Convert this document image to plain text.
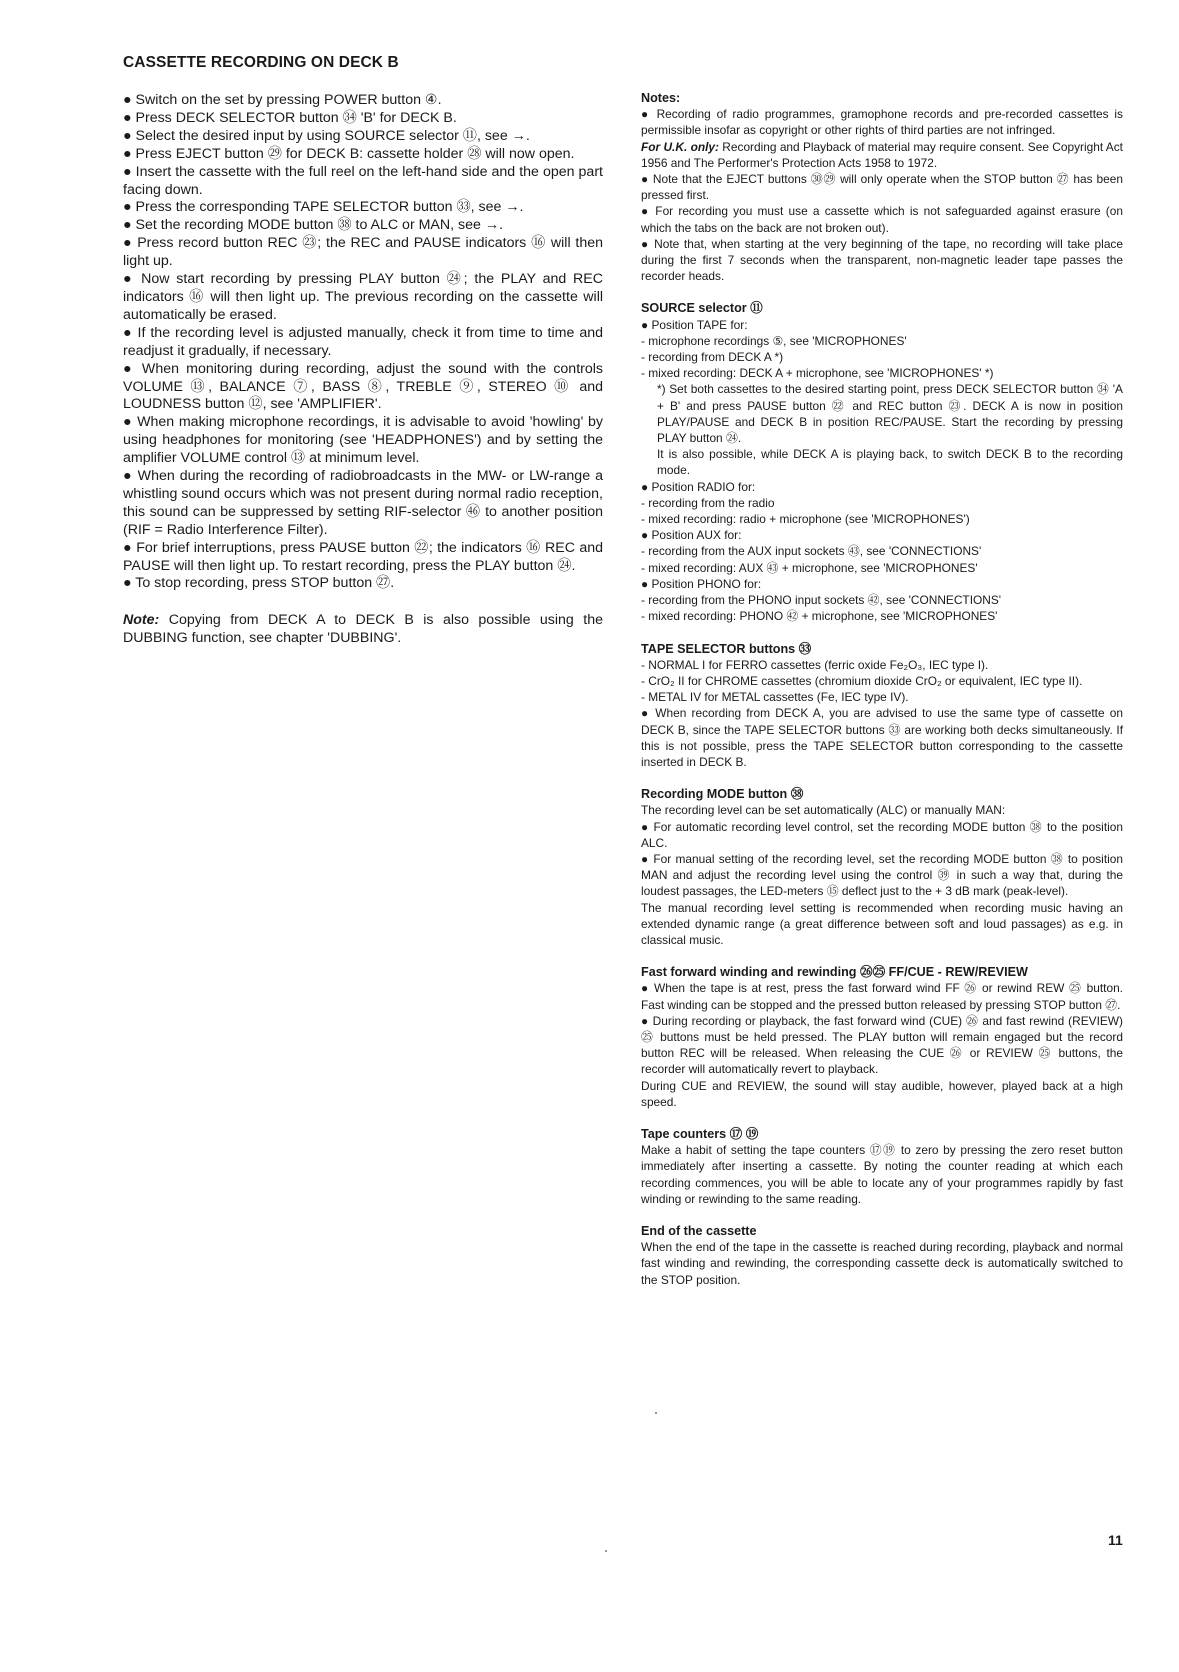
CASSETTE RECORDING ON DECK B

● Switch on the set by pressing POWER button ④.

● Press DECK SELECTOR button ㉞ 'B' for DECK B.

● Select the desired input by using SOURCE selector ⑪, see →.

● Press EJECT button ㉙ for DECK B: cassette holder ㉘ will now open.

● Insert the cassette with the full reel on the left-hand side and the open part facing down.

● Press the corresponding TAPE SELECTOR button ㉝, see →.

● Set the recording MODE button ㊳ to ALC or MAN, see →.

● Press record button REC ㉓; the REC and PAUSE indicators ⑯ will then light up.

● Now start recording by pressing PLAY button ㉔; the PLAY and REC indicators ⑯ will then light up. The previous recording on the cassette will automatically be erased.

● If the recording level is adjusted manually, check it from time to time and readjust it gradually, if necessary.

● When monitoring during recording, adjust the sound with the controls VOLUME ⑬, BALANCE ⑦, BASS ⑧, TREBLE ⑨, STEREO ⑩ and LOUDNESS button ⑫, see 'AMPLIFIER'.

● When making microphone recordings, it is advisable to avoid 'howling' by using headphones for monitoring (see 'HEADPHONES') and by setting the amplifier VOLUME control ⑬ at minimum level.

● When during the recording of radiobroadcasts in the MW- or LW-range a whistling sound occurs which was not present during normal radio reception, this sound can be suppressed by setting RIF-selector ㊻ to another position (RIF = Radio Interference Filter).

● For brief interruptions, press PAUSE button ㉒; the indicators ⑯ REC and PAUSE will then light up. To restart recording, press the PLAY button ㉔.

● To stop recording, press STOP button ㉗.

Note: Copying from DECK A to DECK B is also possible using the DUBBING function, see chapter 'DUBBING'.

Notes:

● Recording of radio programmes, gramophone records and pre-recorded cassettes is permissible insofar as copyright or other rights of third parties are not infringed.

For U.K. only: Recording and Playback of material may require consent. See Copyright Act 1956 and The Performer's Protection Acts 1958 to 1972.

● Note that the EJECT buttons ㉚㉙ will only operate when the STOP button ㉗ has been pressed first.

● For recording you must use a cassette which is not safeguarded against erasure (on which the tabs on the back are not broken out).

● Note that, when starting at the very beginning of the tape, no recording will take place during the first 7 seconds when the transparent, non-magnetic leader tape passes the recorder heads.

SOURCE selector ⑪

● Position TAPE for:

- microphone recordings ⑤, see 'MICROPHONES'

- recording from DECK A *)

- mixed recording: DECK A + microphone, see 'MICROPHONES' *)

*) Set both cassettes to the desired starting point, press DECK SELECTOR button ㉞ 'A + B' and press PAUSE button ㉒ and REC button ㉓. DECK A is now in position PLAY/PAUSE and DECK B in position REC/PAUSE. Start the recording by pressing PLAY button ㉔.

It is also possible, while DECK A is playing back, to switch DECK B to the recording mode.

● Position RADIO for:

- recording from the radio

- mixed recording: radio + microphone (see 'MICROPHONES')

● Position AUX for:

- recording from the AUX input sockets ㊸, see 'CONNECTIONS'

- mixed recording: AUX ㊸ + microphone, see 'MICROPHONES'

● Position PHONO for:

- recording from the PHONO input sockets ㊷, see 'CONNECTIONS'

- mixed recording: PHONO ㊷ + microphone, see 'MICROPHONES'

TAPE SELECTOR buttons ㉝

- NORMAL I for FERRO cassettes (ferric oxide Fe₂O₃, IEC type I).

- CrO₂ II for CHROME cassettes (chromium dioxide CrO₂ or equivalent, IEC type II).

- METAL IV for METAL cassettes (Fe, IEC type IV).

● When recording from DECK A, you are advised to use the same type of cassette on DECK B, since the TAPE SELECTOR buttons ㉝ are working both decks simultaneously. If this is not possible, press the TAPE SELECTOR button corresponding to the cassette inserted in DECK B.

Recording MODE button ㊳

The recording level can be set automatically (ALC) or manually MAN:

● For automatic recording level control, set the recording MODE button ㊳ to the position ALC.

● For manual setting of the recording level, set the recording MODE button ㊳ to position MAN and adjust the recording level using the control ㊴ in such a way that, during the loudest passages, the LED-meters ⑮ deflect just to the + 3 dB mark (peak-level).

The manual recording level setting is recommended when recording music having an extended dynamic range (a great difference between soft and loud passages) as e.g. in classical music.

Fast forward winding and rewinding ㉖㉕ FF/CUE - REW/REVIEW

● When the tape is at rest, press the fast forward wind FF ㉖ or rewind REW ㉕ button. Fast winding can be stopped and the pressed button released by pressing STOP button ㉗.

● During recording or playback, the fast forward wind (CUE) ㉖ and fast rewind (REVIEW) ㉕ buttons must be held pressed. The PLAY button will remain engaged but the record button REC will be released. When releasing the CUE ㉖ or REVIEW ㉕ buttons, the recorder will automatically revert to playback.

During CUE and REVIEW, the sound will stay audible, however, played back at a high speed.

Tape counters ⑰ ⑲

Make a habit of setting the tape counters ⑰⑲ to zero by pressing the zero reset button immediately after inserting a cassette. By noting the counter reading at which each recording commences, you will be able to locate any of your programmes rapidly by fast winding or rewinding to the same reading.

End of the cassette

When the end of the tape in the cassette is reached during recording, playback and normal fast winding and rewinding, the corresponding cassette deck is automatically switched to the STOP position.

11
